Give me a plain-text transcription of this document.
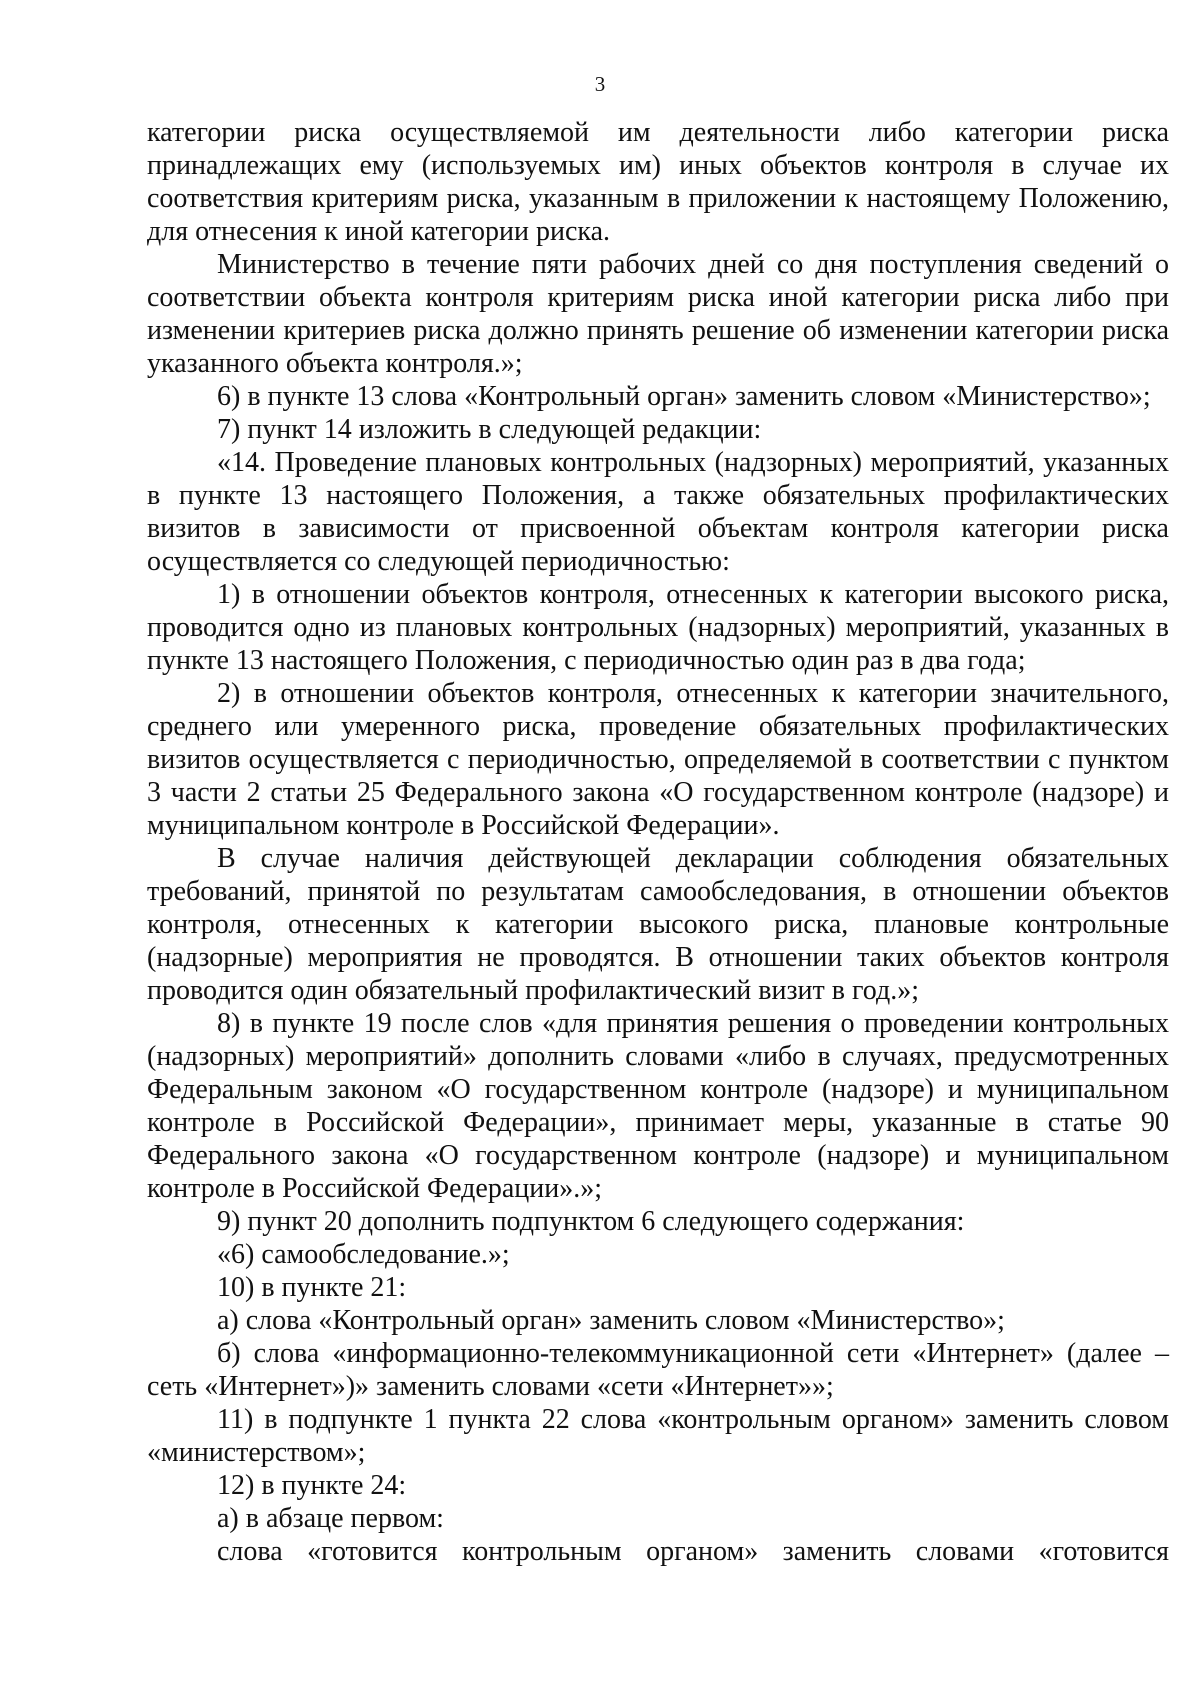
3

категории риска осуществляемой им деятельности либо категории риска принадлежащих ему (используемых им) иных объектов контроля в случае их соответствия критериям риска, указанным в приложении к настоящему Положению, для отнесения к иной категории риска.

Министерство в течение пяти рабочих дней со дня поступления сведений о соответствии объекта контроля критериям риска иной категории риска либо при изменении критериев риска должно принять решение об изменении категории риска указанного объекта контроля.»;

6) в пункте 13 слова «Контрольный орган» заменить словом «Министерство»;

7) пункт 14 изложить в следующей редакции:

«14. Проведение плановых контрольных (надзорных) мероприятий, указанных в пункте 13 настоящего Положения, а также обязательных профилактических визитов в зависимости от присвоенной объектам контроля категории риска осуществляется со следующей периодичностью:

1) в отношении объектов контроля, отнесенных к категории высокого риска, проводится одно из плановых контрольных (надзорных) мероприятий, указанных в пункте 13 настоящего Положения, с периодичностью один раз в два года;

2) в отношении объектов контроля, отнесенных к категории значительного, среднего или умеренного риска, проведение обязательных профилактических визитов осуществляется с периодичностью, определяемой в соответствии с пунктом 3 части 2 статьи 25 Федерального закона «О государственном контроле (надзоре) и муниципальном контроле в Российской Федерации».

В случае наличия действующей декларации соблюдения обязательных требований, принятой по результатам самообследования, в отношении объектов контроля, отнесенных к категории высокого риска, плановые контрольные (надзорные) мероприятия не проводятся. В отношении таких объектов контроля проводится один обязательный профилактический визит в год.»;

8) в пункте 19 после слов «для принятия решения о проведении контрольных (надзорных) мероприятий» дополнить словами «либо в случаях, предусмотренных Федеральным законом «О государственном контроле (надзоре) и муниципальном контроле в Российской Федерации», принимает меры, указанные в статье 90 Федерального закона «О государственном контроле (надзоре) и муниципальном контроле в Российской Федерации».»;

9) пункт 20 дополнить подпунктом 6 следующего содержания:

«6) самообследование.»;

10) в пункте 21:

а) слова «Контрольный орган» заменить словом «Министерство»;

б) слова «информационно-телекоммуникационной сети «Интернет» (далее – сеть «Интернет»)» заменить словами «сети «Интернет»»;

11) в подпункте 1 пункта 22 слова «контрольным органом» заменить словом «министерством»;

12) в пункте 24:

а) в абзаце первом:

слова «готовится контрольным органом» заменить словами «готовится
